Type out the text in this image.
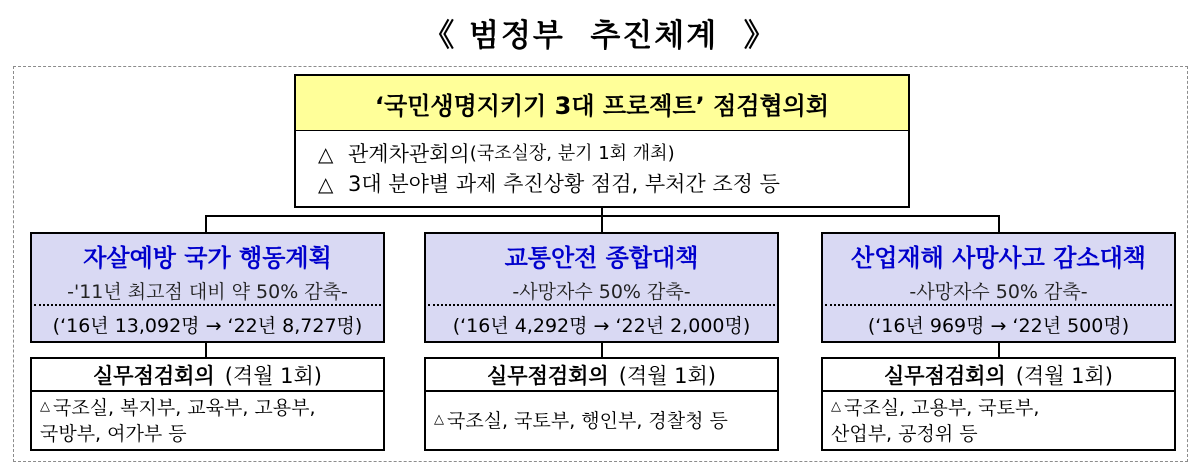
《 범정부  추진체계  》
‘국민생명지키기 3대 프로젝트’ 점검협의회
△ 관계차관회의 (국조실장, 분기 1회 개최)
△ 3대 분야별 과제 추진상황 점검, 부처간 조정 등
자살예방 국가 행동계획
-'11년 최고점 대비 약 50% 감축-
(‘16년 13,092명 → ‘22년 8,727명)
실무점검회의 (격월 1회)
△ 국조실, 복지부, 교육부, 고용부,
국방부, 여가부 등
교통안전 종합대책
-사망자수 50% 감축-
(‘16년 4,292명 → ‘22년 2,000명)
실무점검회의 (격월 1회)
△ 국조실, 국토부, 행인부, 경찰청 등
산업재해 사망사고 감소대책
-사망자수 50% 감축-
(‘16년 969명 → ‘22년 500명)
실무점검회의 (격월 1회)
△ 국조실, 고용부, 국토부,
산업부, 공정위 등
